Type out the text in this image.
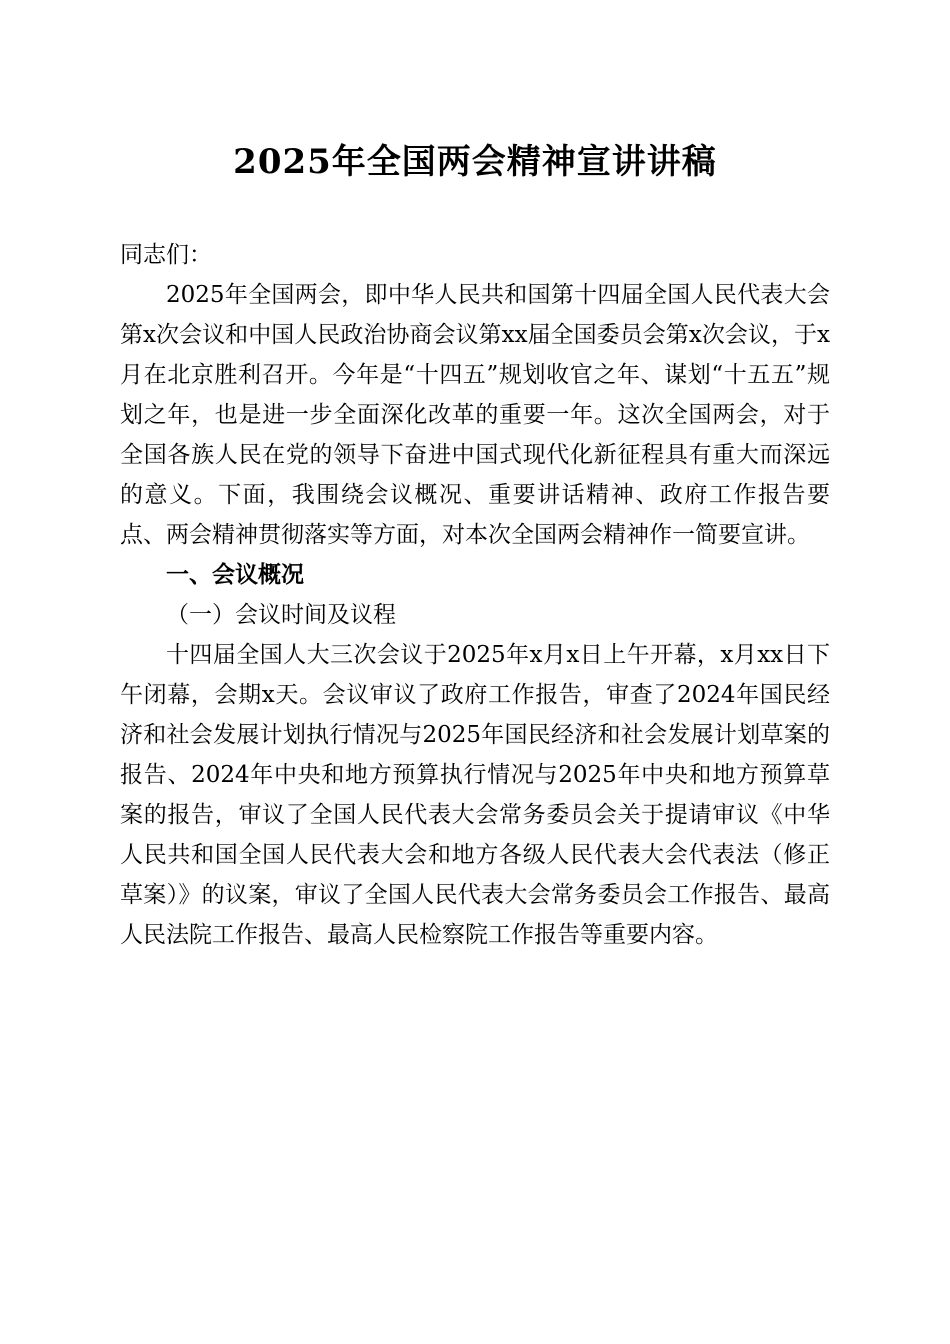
2025年全国两会精神宣讲讲稿

同志们：

2025年全国两会，即中华人民共和国第十四届全国人民代表大会第x次会议和中国人民政治协商会议第xx届全国委员会第x次会议，于x月在北京胜利召开。今年是“十四五”规划收官之年、谋划“十五五”规划之年，也是进一步全面深化改革的重要一年。这次全国两会，对于全国各族人民在党的领导下奋进中国式现代化新征程具有重大而深远的意义。下面，我围绕会议概况、重要讲话精神、政府工作报告要点、两会精神贯彻落实等方面，对本次全国两会精神作一简要宣讲。

一、会议概况

（一）会议时间及议程

十四届全国人大三次会议于2025年x月x日上午开幕，x月xx日下午闭幕，会期x天。会议审议了政府工作报告，审查了2024年国民经济和社会发展计划执行情况与2025年国民经济和社会发展计划草案的报告、2024年中央和地方预算执行情况与2025年中央和地方预算草案的报告，审议了全国人民代表大会常务委员会关于提请审议《中华人民共和国全国人民代表大会和地方各级人民代表大会代表法（修正草案）》的议案，审议了全国人民代表大会常务委员会工作报告、最高人民法院工作报告、最高人民检察院工作报告等重要内容。
